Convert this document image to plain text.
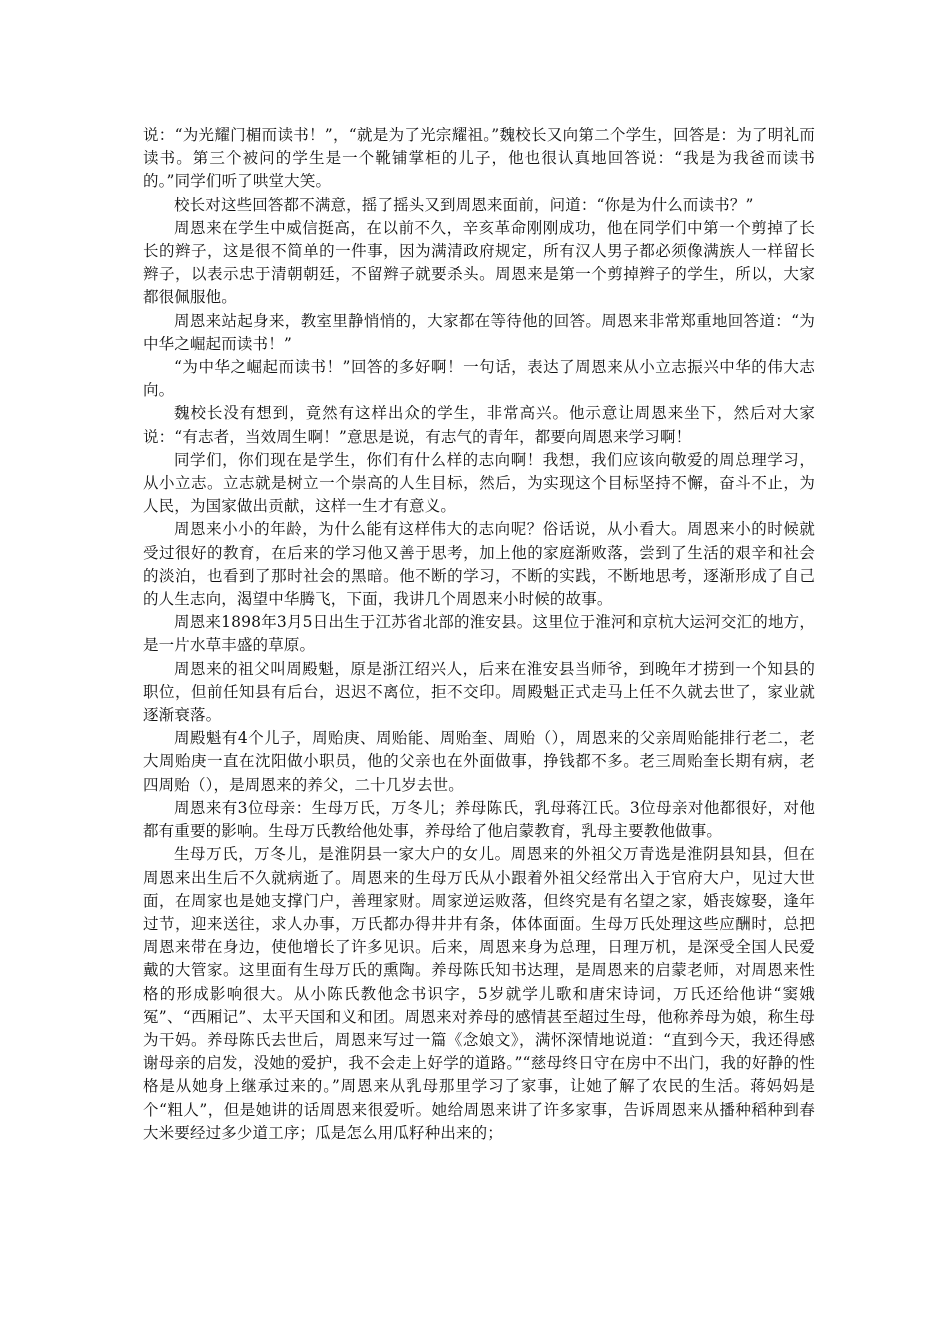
说：“为光耀门楣而读书！”，“就是为了光宗耀祖。”魏校长又向第二个学生，回答是：为了明礼而读书。第三个被问的学生是一个靴铺掌柜的儿子，他也很认真地回答说：“我是为我爸而读书的。”同学们听了哄堂大笑。

校长对这些回答都不满意，摇了摇头又到周恩来面前，问道：“你是为什么而读书？”

周恩来在学生中威信挺高，在以前不久，辛亥革命刚刚成功，他在同学们中第一个剪掉了长长的辫子，这是很不简单的一件事，因为满清政府规定，所有汉人男子都必须像满族人一样留长辫子，以表示忠于清朝朝廷，不留辫子就要杀头。周恩来是第一个剪掉辫子的学生，所以，大家都很佩服他。

周恩来站起身来，教室里静悄悄的，大家都在等待他的回答。周恩来非常郑重地回答道：“为中华之崛起而读书！”

“为中华之崛起而读书！”回答的多好啊！一句话，表达了周恩来从小立志振兴中华的伟大志向。

魏校长没有想到，竟然有这样出众的学生，非常高兴。他示意让周恩来坐下，然后对大家说：“有志者，当效周生啊！”意思是说，有志气的青年，都要向周恩来学习啊！

同学们，你们现在是学生，你们有什么样的志向啊！我想，我们应该向敬爱的周总理学习，从小立志。立志就是树立一个崇高的人生目标，然后，为实现这个目标坚持不懈，奋斗不止，为人民，为国家做出贡献，这样一生才有意义。

周恩来小小的年龄，为什么能有这样伟大的志向呢？俗话说，从小看大。周恩来小的时候就受过很好的教育，在后来的学习他又善于思考，加上他的家庭渐败落，尝到了生活的艰辛和社会的淡泊，也看到了那时社会的黑暗。他不断的学习，不断的实践，不断地思考，逐渐形成了自己的人生志向，渴望中华腾飞，下面，我讲几个周恩来小时候的故事。

周恩来1898年3月5日出生于江苏省北部的淮安县。这里位于淮河和京杭大运河交汇的地方，是一片水草丰盛的草原。

周恩来的祖父叫周殿魁，原是浙江绍兴人，后来在淮安县当师爷，到晚年才捞到一个知县的职位，但前任知县有后台，迟迟不离位，拒不交印。周殿魁正式走马上任不久就去世了，家业就逐渐衰落。

周殿魁有4个儿子，周贻庚、周贻能、周贻奎、周贻（），周恩来的父亲周贻能排行老二，老大周贻庚一直在沈阳做小职员，他的父亲也在外面做事，挣钱都不多。老三周贻奎长期有病，老四周贻（），是周恩来的养父，二十几岁去世。

周恩来有3位母亲：生母万氏，万冬儿；养母陈氏，乳母蒋江氏。3位母亲对他都很好，对他都有重要的影响。生母万氏教给他处事，养母给了他启蒙教育，乳母主要教他做事。

生母万氏，万冬儿，是淮阴县一家大户的女儿。周恩来的外祖父万青选是淮阴县知县，但在周恩来出生后不久就病逝了。周恩来的生母万氏从小跟着外祖父经常出入于官府大户，见过大世面，在周家也是她支撑门户，善理家财。周家逆运败落，但终究是有名望之家，婚丧嫁娶，逢年过节，迎来送往，求人办事，万氏都办得井井有条，体体面面。生母万氏处理这些应酬时，总把周恩来带在身边，使他增长了许多见识。后来，周恩来身为总理，日理万机，是深受全国人民爱戴的大管家。这里面有生母万氏的熏陶。养母陈氏知书达理，是周恩来的启蒙老师，对周恩来性格的形成影响很大。从小陈氏教他念书识字，5岁就学儿歌和唐宋诗词，万氏还给他讲“窦娥冤”、“西厢记”、太平天国和义和团。周恩来对养母的感情甚至超过生母，他称养母为娘，称生母为干妈。养母陈氏去世后，周恩来写过一篇《念娘文》，满怀深情地说道：“直到今天，我还得感谢母亲的启发，没她的爱护，我不会走上好学的道路。”“慈母终日守在房中不出门，我的好静的性格是从她身上继承过来的。”周恩来从乳母那里学习了家事，让她了解了农民的生活。蒋妈妈是个“粗人”，但是她讲的话周恩来很爱听。她给周恩来讲了许多家事，告诉周恩来从播种稻种到春大米要经过多少道工序；瓜是怎么用瓜籽种出来的；
